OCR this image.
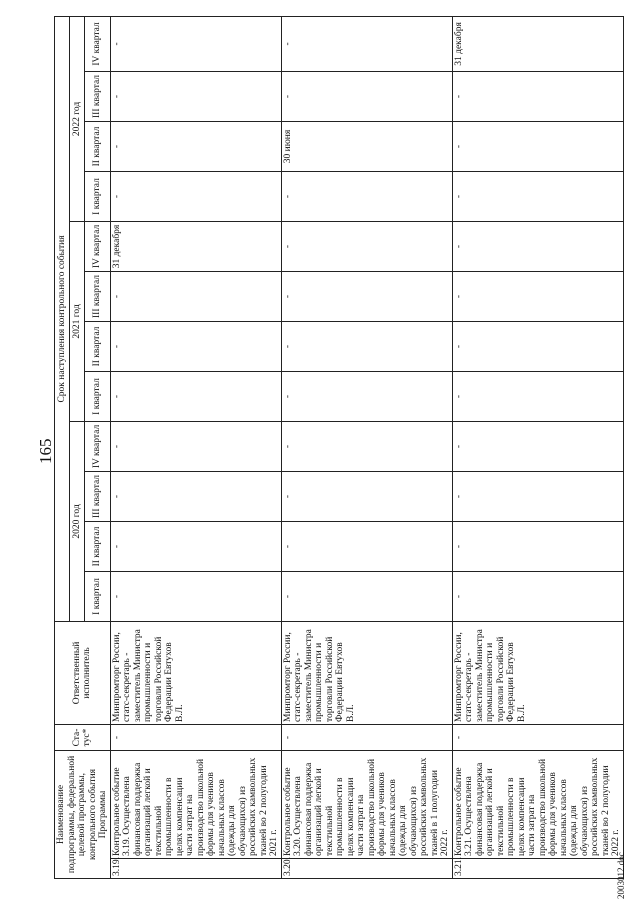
165
Наименование подпрограммы, федеральной целевой программы, контрольного события Программы		Ста-тус*	Ответственный исполнитель	Срок наступления контрольного события											
				2020 год				2021 год				2022 год			
				I квартал	II квартал	III квартал	IV квартал	I квартал	II квартал	III квартал	IV квартал	I квартал	II квартал	III квартал	IV квартал
3.19.	Контрольное событие 3.19. Осуществлена финансовая поддержка организаций легкой и текстильной промышленности в целях компенсации части затрат на производство школьной формы для учеников начальных классов (одежды для обучающихся) из российских камвольных тканей во 2 полугодии 2021 г.	-	Минпромторг России, статс-секретарь - заместитель Министра промышленности и торговли Российской Федерации Евтухов В.Л.	-	-	-	-	-	-	-	31 декабря	-	-	-	-
3.20.	Контрольное событие 3.20. Осуществлена финансовая поддержка организаций легкой и текстильной промышленности в целях компенсации части затрат на производство школьной формы для учеников начальных классов (одежды для обучающихся) из российских камвольных тканей в 1 полугодии 2022 г.	-	Минпромторг России, статс-секретарь - заместитель Министра промышленности и торговли Российской Федерации Евтухов В.Л.	-	-	-	-	-	-	-	-	-	30 июня	-	-
3.21.	Контрольное событие 3.21. Осуществлена финансовая поддержка организаций легкой и текстильной промышленности в целях компенсации части затрат на производство школьной формы для учеников начальных классов (одежды для обучающихся) из российских камвольных тканей во 2 полугодии 2022 г.	-	Минпромторг России, статс-секретарь - заместитель Министра промышленности и торговли Российской Федерации Евтухов В.Л.	-	-	-	-	-	-	-	-	-	-	-	31 декабря
2003012.doc
